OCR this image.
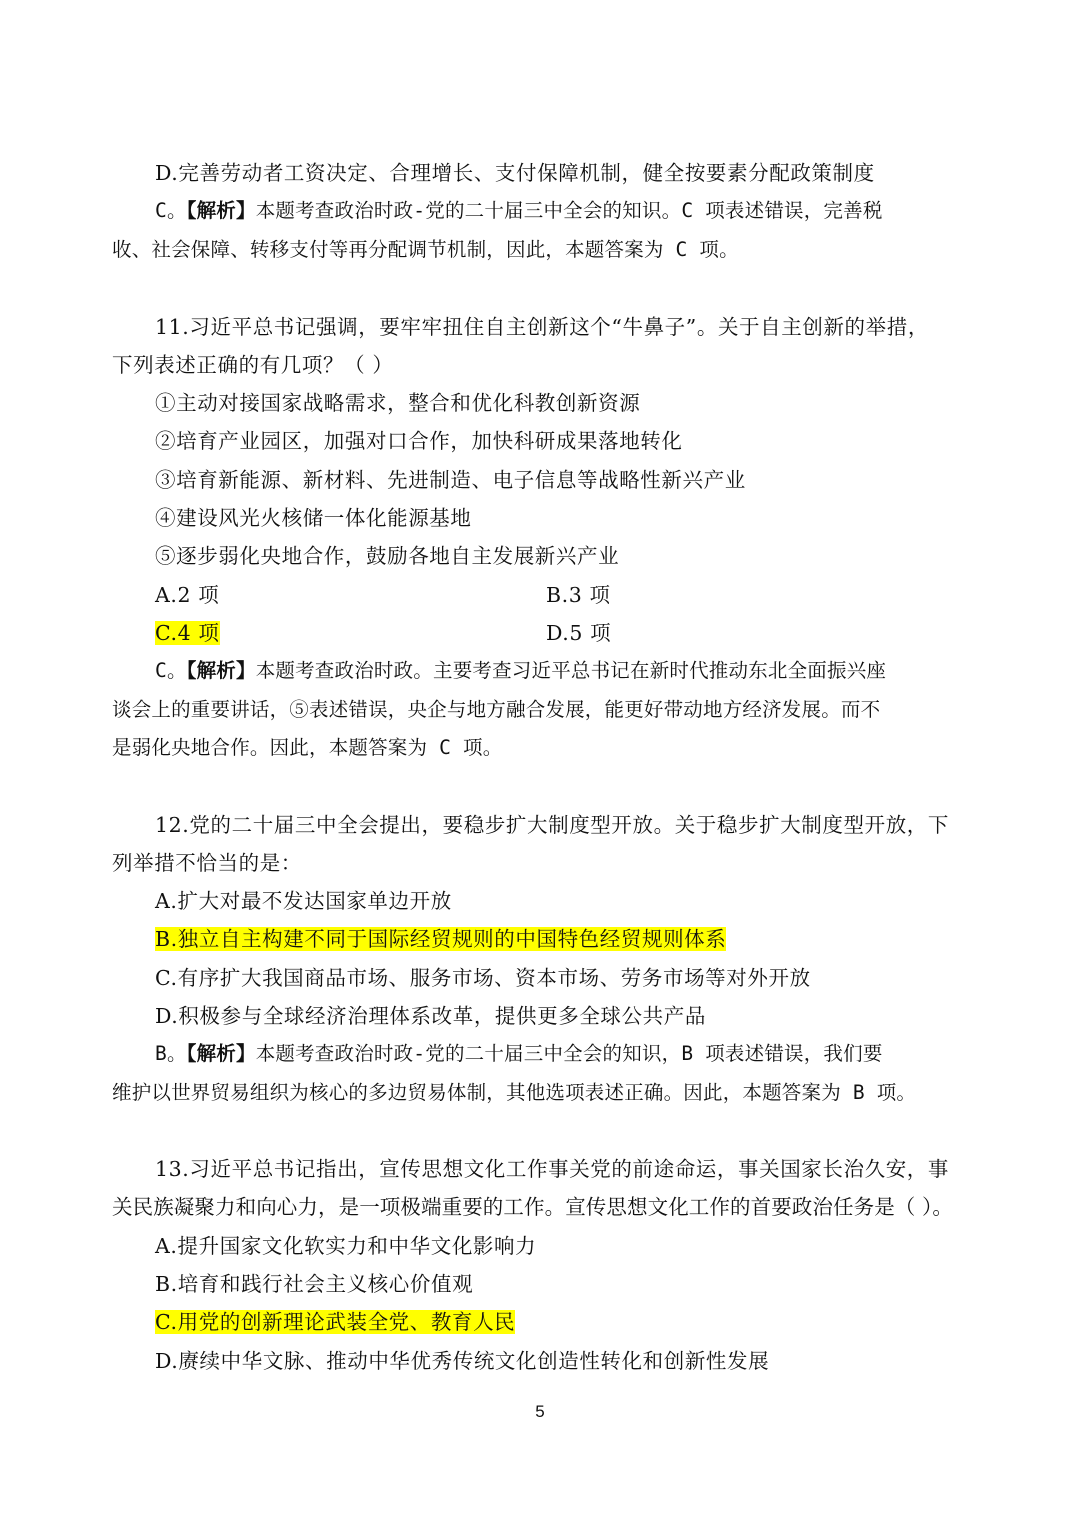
D.完善劳动者工资决定、合理增长、支付保障机制，健全按要素分配政策制度
C。【解析】本题考查政治时政-党的二十届三中全会的知识。C 项表述错误，完善税
收、社会保障、转移支付等再分配调节机制，因此，本题答案为 C 项。
11.习近平总书记强调，要牢牢扭住自主创新这个“牛鼻子”。关于自主创新的举措，
下列表述正确的有几项？（ ）
①主动对接国家战略需求，整合和优化科教创新资源
②培育产业园区，加强对口合作，加快科研成果落地转化
③培育新能源、新材料、先进制造、电子信息等战略性新兴产业
④建设风光火核储一体化能源基地
⑤逐步弱化央地合作，鼓励各地自主发展新兴产业
A.2 项	B.3 项
C.4 项	D.5 项
C。【解析】本题考查政治时政。主要考查习近平总书记在新时代推动东北全面振兴座
谈会上的重要讲话，⑤表述错误，央企与地方融合发展，能更好带动地方经济发展。而不
是弱化央地合作。因此，本题答案为 C 项。
12.党的二十届三中全会提出，要稳步扩大制度型开放。关于稳步扩大制度型开放，下
列举措不恰当的是：
A.扩大对最不发达国家单边开放
B.独立自主构建不同于国际经贸规则的中国特色经贸规则体系
C.有序扩大我国商品市场、服务市场、资本市场、劳务市场等对外开放
D.积极参与全球经济治理体系改革，提供更多全球公共产品
B。【解析】本题考查政治时政-党的二十届三中全会的知识，B 项表述错误，我们要
维护以世界贸易组织为核心的多边贸易体制，其他选项表述正确。因此，本题答案为 B 项。
13.习近平总书记指出，宣传思想文化工作事关党的前途命运，事关国家长治久安，事
关民族凝聚力和向心力，是一项极端重要的工作。宣传思想文化工作的首要政治任务是（ ）。
A.提升国家文化软实力和中华文化影响力
B.培育和践行社会主义核心价值观
C.用党的创新理论武装全党、教育人民
D.赓续中华文脉、推动中华优秀传统文化创造性转化和创新性发展
5
